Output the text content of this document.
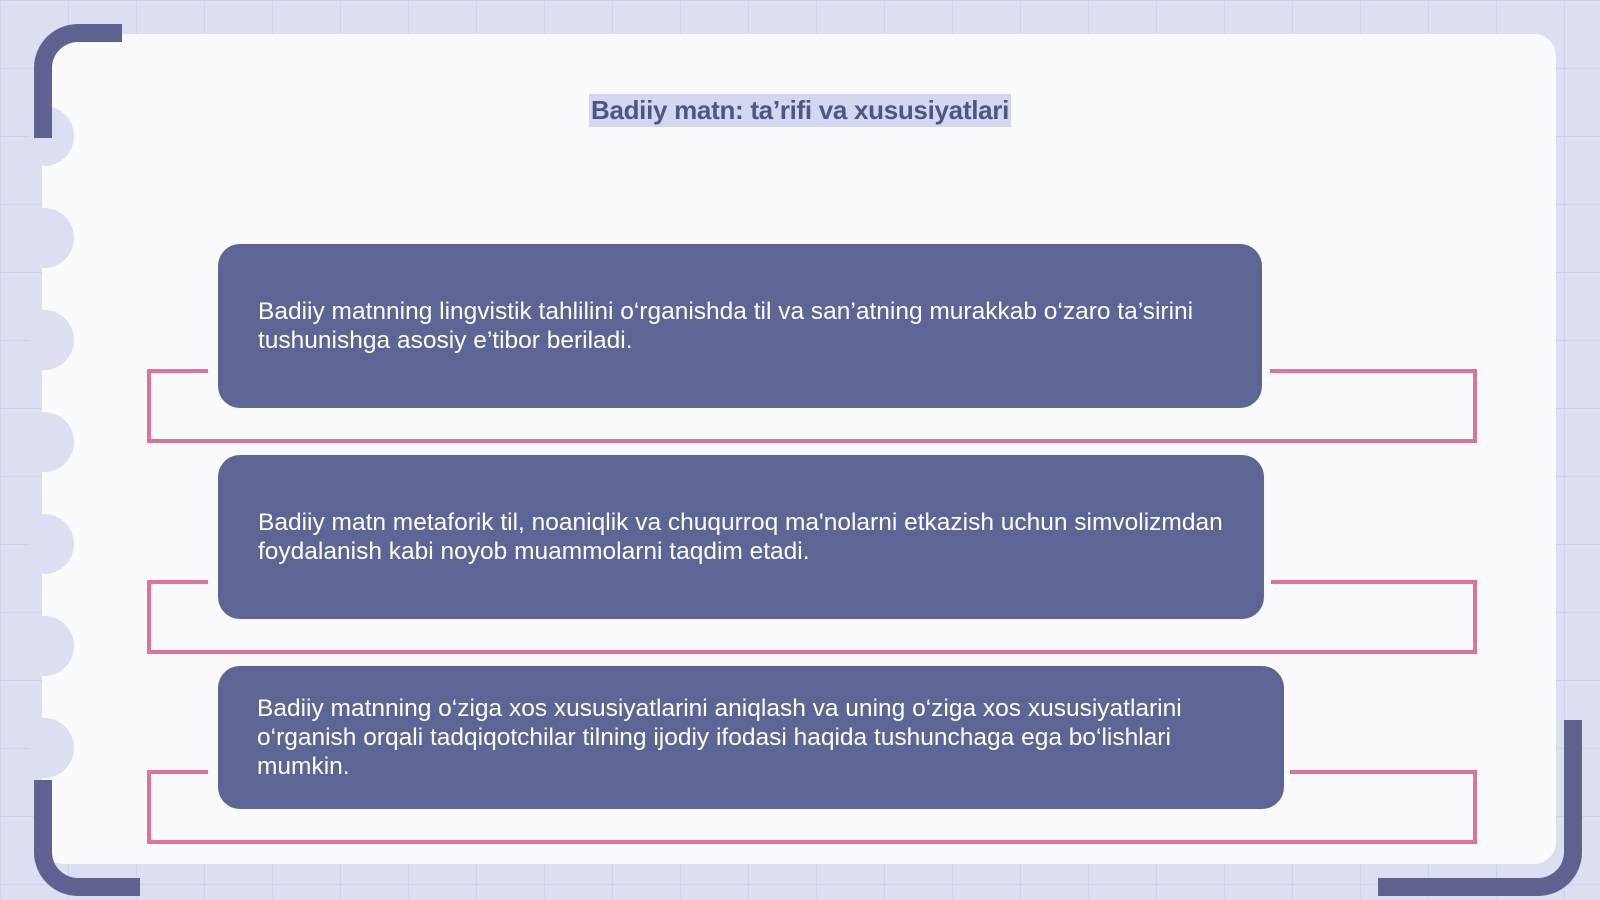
Badiiy matn: ta’rifi va xususiyatlari

Badiiy matnning lingvistik tahlilini o‘rganishda til va san’atning murakkab o‘zaro ta’sirini tushunishga asosiy e’tibor beriladi.

Badiiy matn metaforik til, noaniqlik va chuqurroq ma'nolarni etkazish uchun simvolizmdan foydalanish kabi noyob muammolarni taqdim etadi.

Badiiy matnning o‘ziga xos xususiyatlarini aniqlash va uning o‘ziga xos xususiyatlarini o‘rganish orqali tadqiqotchilar tilning ijodiy ifodasi haqida tushunchaga ega bo‘lishlari mumkin.
